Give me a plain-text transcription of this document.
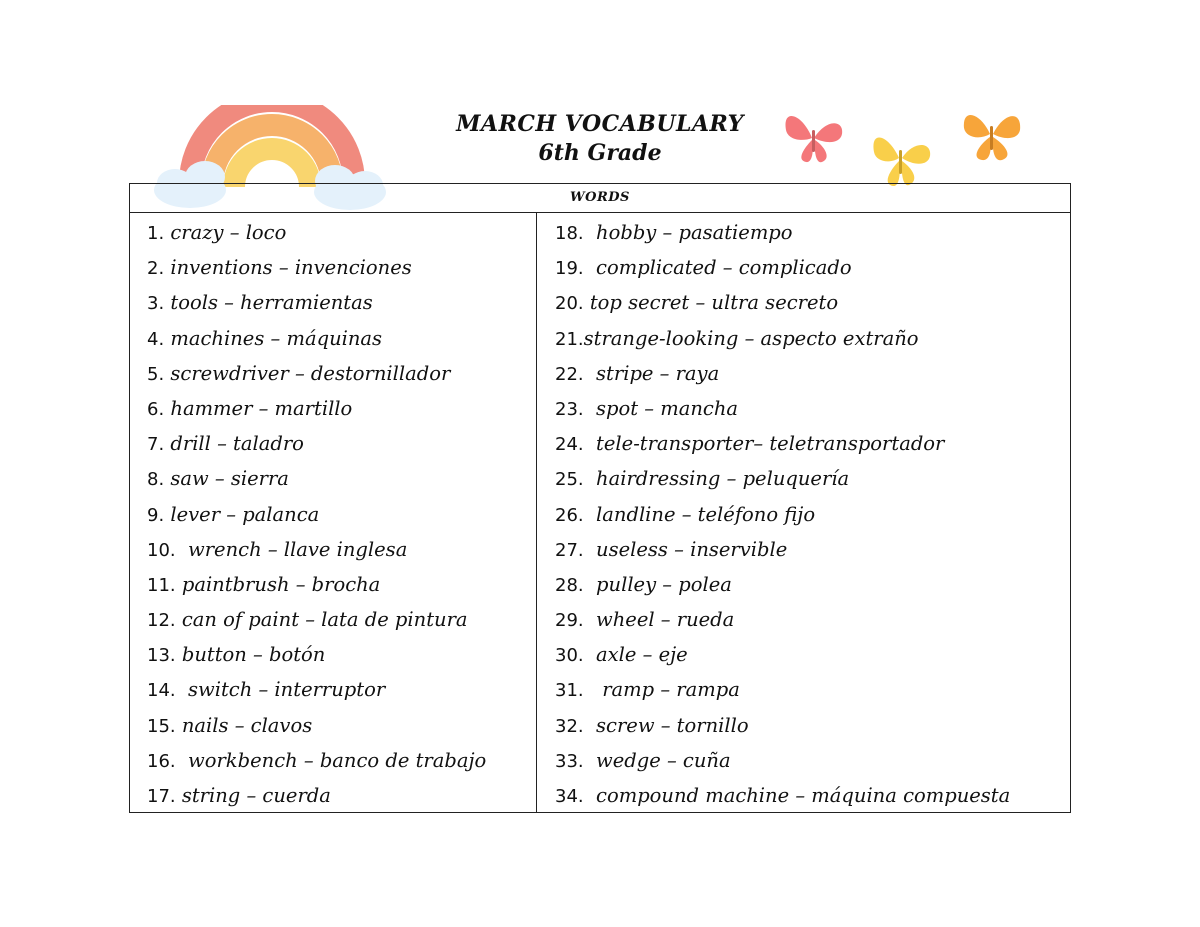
MARCH VOCABULARY

6th Grade

WORDS
1. crazy – loco
2. inventions – invenciones
3. tools – herramientas
4. machines – máquinas
5. screwdriver – destornillador
6. hammer – martillo
7. drill – taladro
8. saw – sierra
9. lever – palanca
10.  wrench – llave inglesa
11. paintbrush – brocha
12. can of paint – lata de pintura
13. button – botón
14.  switch – interruptor
15. nails – clavos
16.  workbench – banco de trabajo
17. string – cuerda
18.  hobby – pasatiempo
19.  complicated – complicado
20. top secret – ultra secreto
21.strange-looking – aspecto extraño
22.  stripe – raya
23.  spot – mancha
24.  tele-transporter– teletransportador
25.  hairdressing – peluquería
26.  landline – teléfono fijo
27.  useless – inservible
28.  pulley – polea
29.  wheel – rueda
30.  axle – eje
31.   ramp – rampa
32.  screw – tornillo
33.  wedge – cuña
34.  compound machine – máquina compuesta
